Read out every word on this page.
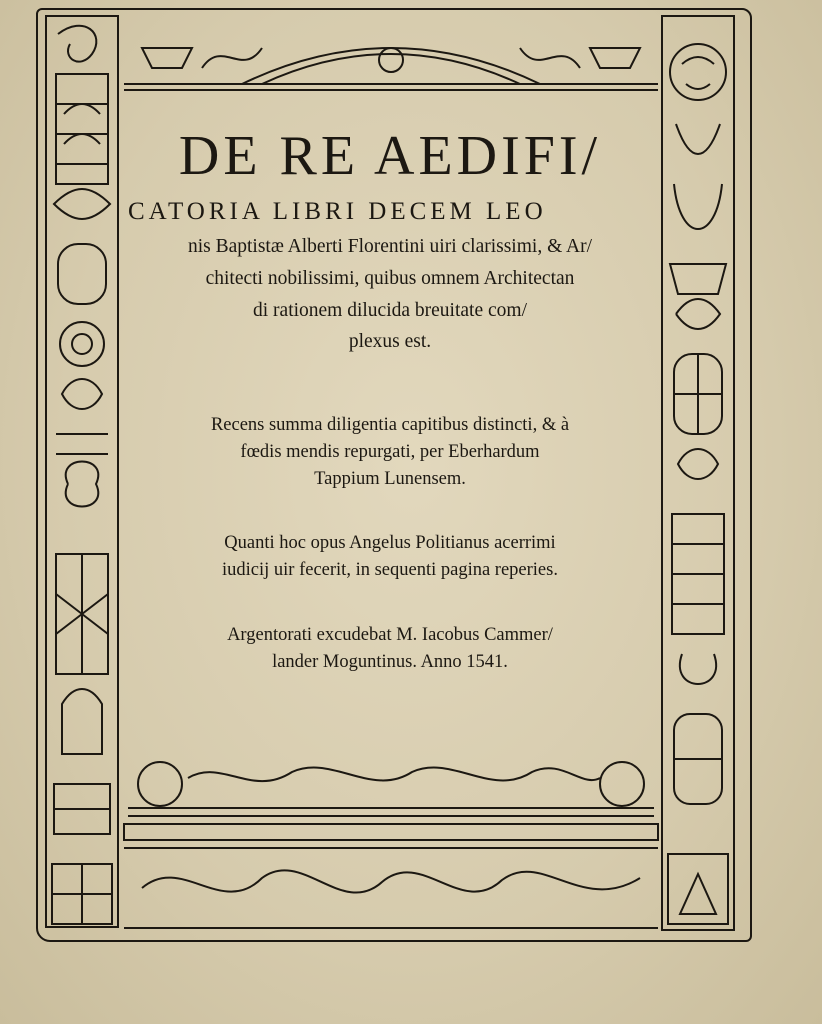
DE RE AEDIFI/
CATORIA LIBRI DECEM LEO
nis Baptistæ Alberti Florentini uiri clarissimi, & Ar/
chitecti nobilissimi, quibus omnem Architectan
di rationem dilucida breuitate com/
plexus est.
Recens summa diligentia capitibus distincti, & à
fœdis mendis repurgati, per Eberhardum
Tappium Lunensem.
Quanti hoc opus Angelus Politianus acerrimi
iudicij uir fecerit, in sequenti pagina reperies.
Argentorati excudebat M. Iacobus Cammer/
lander Moguntinus. Anno 1541.
